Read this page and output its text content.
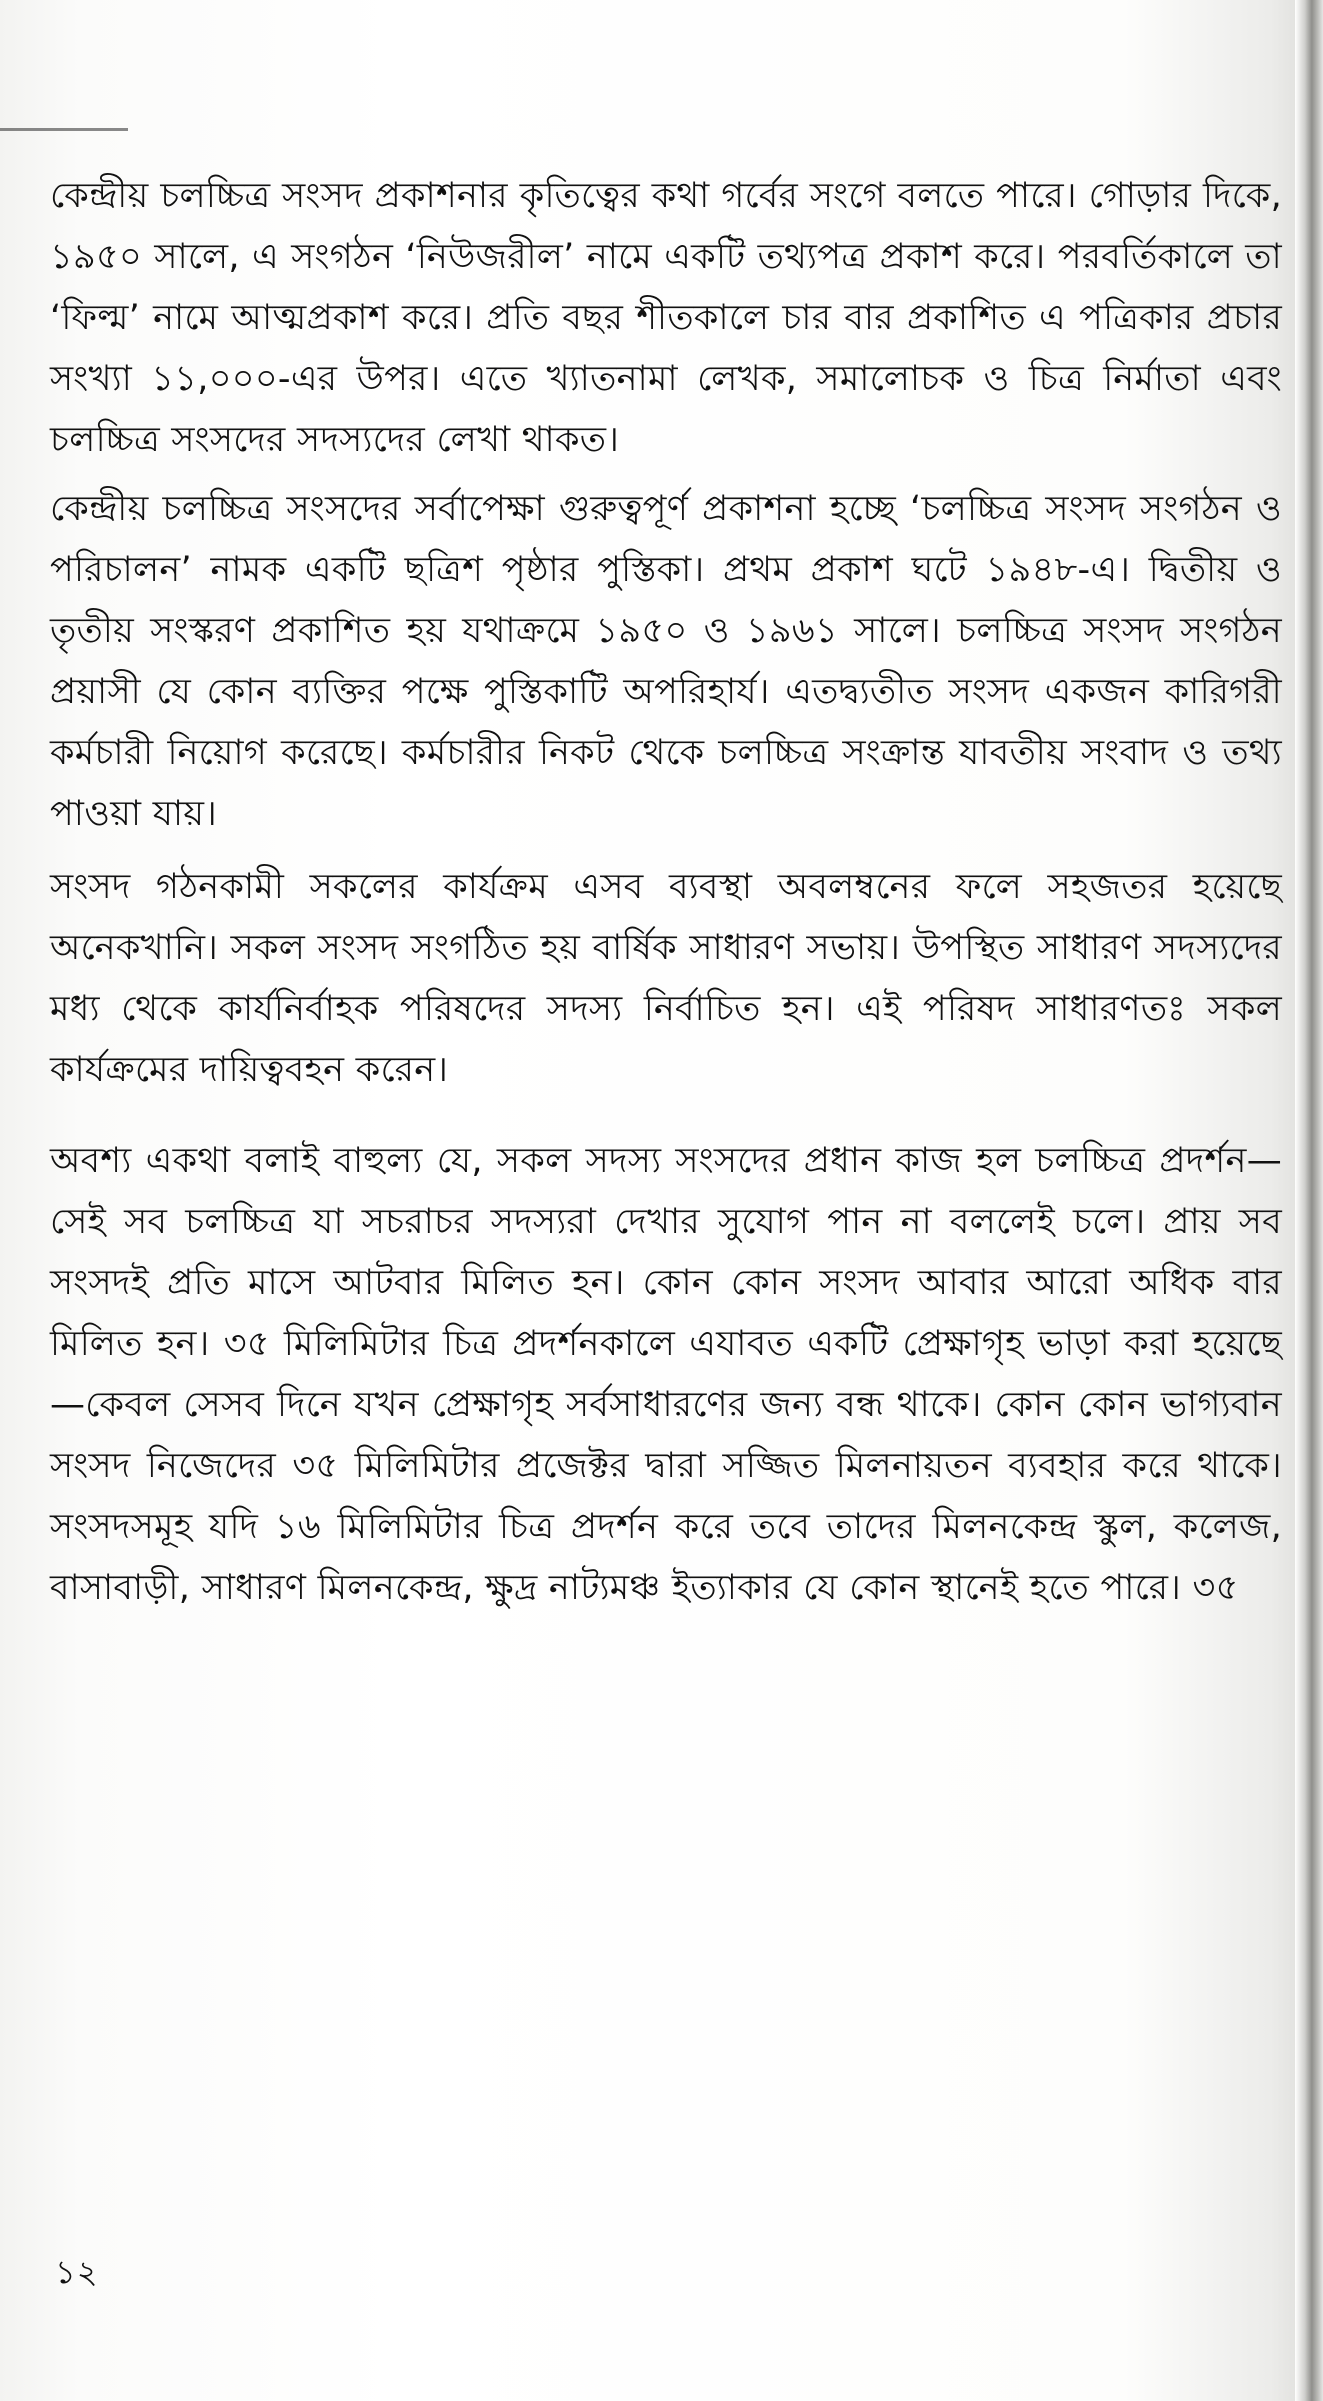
কেন্দ্রীয় চলচ্চিত্র সংসদ প্রকাশনার কৃতিত্বের কথা গর্বের সংগে বলতে পারে। গোড়ার দিকে, ১৯৫০ সালে, এ সংগঠন ‘নিউজরীল’ নামে একটি তথ্যপত্র প্রকাশ করে। পরবর্তিকালে তা ‘ফিল্ম’ নামে আত্মপ্রকাশ করে। প্রতি বছর শীতকালে চার বার প্রকাশিত এ পত্রিকার প্রচার সংখ্যা ১১,০০০-এর উপর। এতে খ্যাতনামা লেখক, সমালোচক ও চিত্র নির্মাতা এবং চলচ্চিত্র সংসদের সদস্যদের লেখা থাকত।

কেন্দ্রীয় চলচ্চিত্র সংসদের সর্বাপেক্ষা গুরুত্বপূর্ণ প্রকাশনা হচ্ছে ‘চলচ্চিত্র সংসদ সংগঠন ও পরিচালন’ নামক একটি ছত্রিশ পৃষ্ঠার পুস্তিকা। প্রথম প্রকাশ ঘটে ১৯৪৮-এ। দ্বিতীয় ও তৃতীয় সংস্করণ প্রকাশিত হয় যথাক্রমে ১৯৫০ ও ১৯৬১ সালে। চলচ্চিত্র সংসদ সংগঠন প্রয়াসী যে কোন ব্যক্তির পক্ষে পুস্তিকাটি অপরিহার্য। এতদ্ব্যতীত সংসদ একজন কারিগরী কর্মচারী নিয়োগ করেছে। কর্মচারীর নিকট থেকে চলচ্চিত্র সংক্রান্ত যাবতীয় সংবাদ ও তথ্য পাওয়া যায়।

সংসদ গঠনকামী সকলের কার্যক্রম এসব ব্যবস্থা অবলম্বনের ফলে সহজতর হয়েছে অনেকখানি। সকল সংসদ সংগঠিত হয় বার্ষিক সাধারণ সভায়। উপস্থিত সাধারণ সদস্যদের মধ্য থেকে কার্যনির্বাহক পরিষদের সদস্য নির্বাচিত হন। এই পরিষদ সাধারণতঃ সকল কার্যক্রমের দায়িত্ববহন করেন।

অবশ্য একথা বলাই বাহুল্য যে, সকল সদস্য সংসদের প্রধান কাজ হল চলচ্চিত্র প্রদর্শন—সেই সব চলচ্চিত্র যা সচরাচর সদস্যরা দেখার সুযোগ পান না বললেই চলে। প্রায় সব সংসদই প্রতি মাসে আটবার মিলিত হন। কোন কোন সংসদ আবার আরো অধিক বার মিলিত হন। ৩৫ মিলিমিটার চিত্র প্রদর্শনকালে এযাবত একটি প্রেক্ষাগৃহ ভাড়া করা হয়েছে —কেবল সেসব দিনে যখন প্রেক্ষাগৃহ সর্বসাধারণের জন্য বন্ধ থাকে। কোন কোন ভাগ্যবান সংসদ নিজেদের ৩৫ মিলিমিটার প্রজেক্টর দ্বারা সজ্জিত মিলনায়তন ব্যবহার করে থাকে। সংসদসমূহ যদি ১৬ মিলিমিটার চিত্র প্রদর্শন করে তবে তাদের মিলনকেন্দ্র স্কুল, কলেজ, বাসাবাড়ী, সাধারণ মিলনকেন্দ্র, ক্ষুদ্র নাট্যমঞ্চ ইত্যাকার যে কোন স্থানেই হতে পারে। ৩৫

১২
